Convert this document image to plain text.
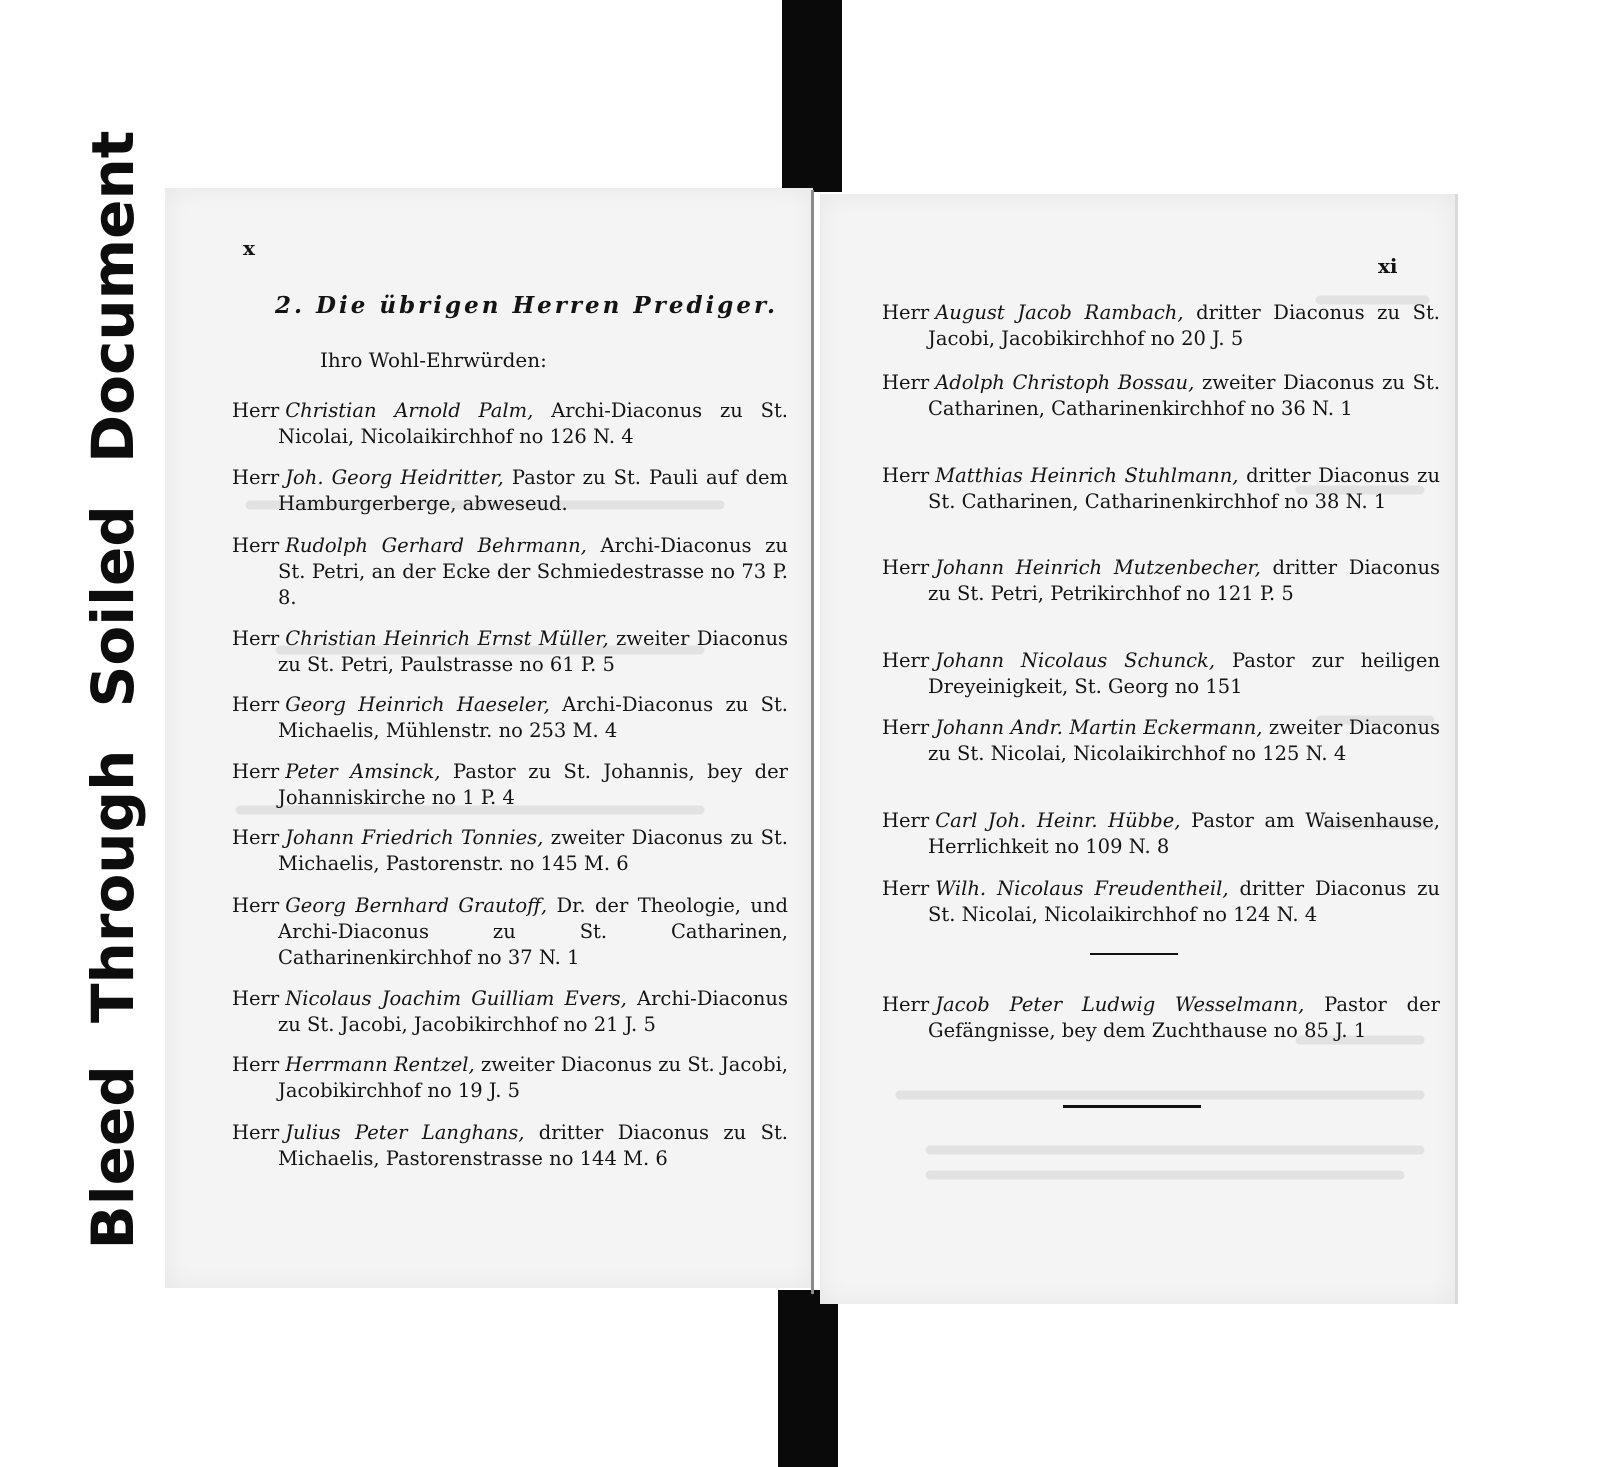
Bleed Through Soiled Document	x
2. Die übrigen Herren Prediger.
Ihro Wohl-Ehrwürden:
Herr Christian Arnold Palm, Archi-Diaconus zu St. Nicolai, Nicolaikirchhof no 126 N. 4
Herr Joh. Georg Heidritter, Pastor zu St. Pauli auf dem Hamburgerberge, abweseud.
Herr Rudolph Gerhard Behrmann, Archi-Diaconus zu St. Petri, an der Ecke der Schmiedestrasse no 73 P. 8.
Herr Christian Heinrich Ernst Müller, zweiter Diaconus zu St. Petri, Paulstrasse no 61 P. 5
Herr Georg Heinrich Haeseler, Archi-Diaconus zu St. Michaelis, Mühlenstr. no 253 M. 4
Herr Peter Amsinck, Pastor zu St. Johannis, bey der Johanniskirche no 1 P. 4
Herr Johann Friedrich Tonnies, zweiter Diaconus zu St. Michaelis, Pastorenstr. no 145 M. 6
Herr Georg Bernhard Grautoff, Dr. der Theologie, und Archi-Diaconus zu St. Catharinen, Catharinenkirchhof no 37 N. 1
Herr Nicolaus Joachim Guilliam Evers, Archi-Diaconus zu St. Jacobi, Jacobikirchhof no 21 J. 5
Herr Herrmann Rentzel, zweiter Diaconus zu St. Jacobi, Jacobikirchhof no 19 J. 5
Herr Julius Peter Langhans, dritter Diaconus zu St. Michaelis, Pastorenstrasse no 144 M. 6
xi
Herr August Jacob Rambach, dritter Diaconus zu St. Jacobi, Jacobikirchhof no 20 J. 5
Herr Adolph Christoph Bossau, zweiter Diaconus zu St. Catharinen, Catharinenkirchhof no 36 N. 1
Herr Matthias Heinrich Stuhlmann, dritter Diaconus zu St. Catharinen, Catharinenkirchhof no 38 N. 1
Herr Johann Heinrich Mutzenbecher, dritter Diaconus zu St. Petri, Petrikirchhof no 121 P. 5
Herr Johann Nicolaus Schunck, Pastor zur heiligen Dreyeinigkeit, St. Georg no 151
Herr Johann Andr. Martin Eckermann, zweiter Diaconus zu St. Nicolai, Nicolaikirchhof no 125 N. 4
Herr Carl Joh. Heinr. Hübbe, Pastor am Waisenhause, Herrlichkeit no 109 N. 8
Herr Wilh. Nicolaus Freudentheil, dritter Diaconus zu St. Nicolai, Nicolaikirchhof no 124 N. 4
Herr Jacob Peter Ludwig Wesselmann, Pastor der Gefängnisse, bey dem Zuchthause no 85 J. 1
